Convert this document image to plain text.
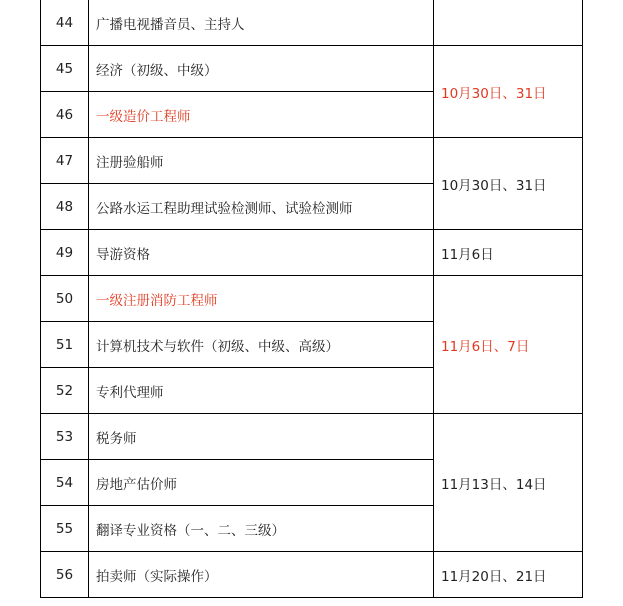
44	广播电视播音员、主持人	
45	经济（初级、中级）	10月30日、31日
46	一级造价工程师	
47	注册验船师	10月30日、31日
48	公路水运工程助理试验检测师、试验检测师	
49	导游资格	11月6日
50	一级注册消防工程师	11月6日、7日
51	计算机技术与软件（初级、中级、高级）	
52	专利代理师	
53	税务师	11月13日、14日
54	房地产估价师	
55	翻译专业资格（一、二、三级）	
56	拍卖师（实际操作）	11月20日、21日
